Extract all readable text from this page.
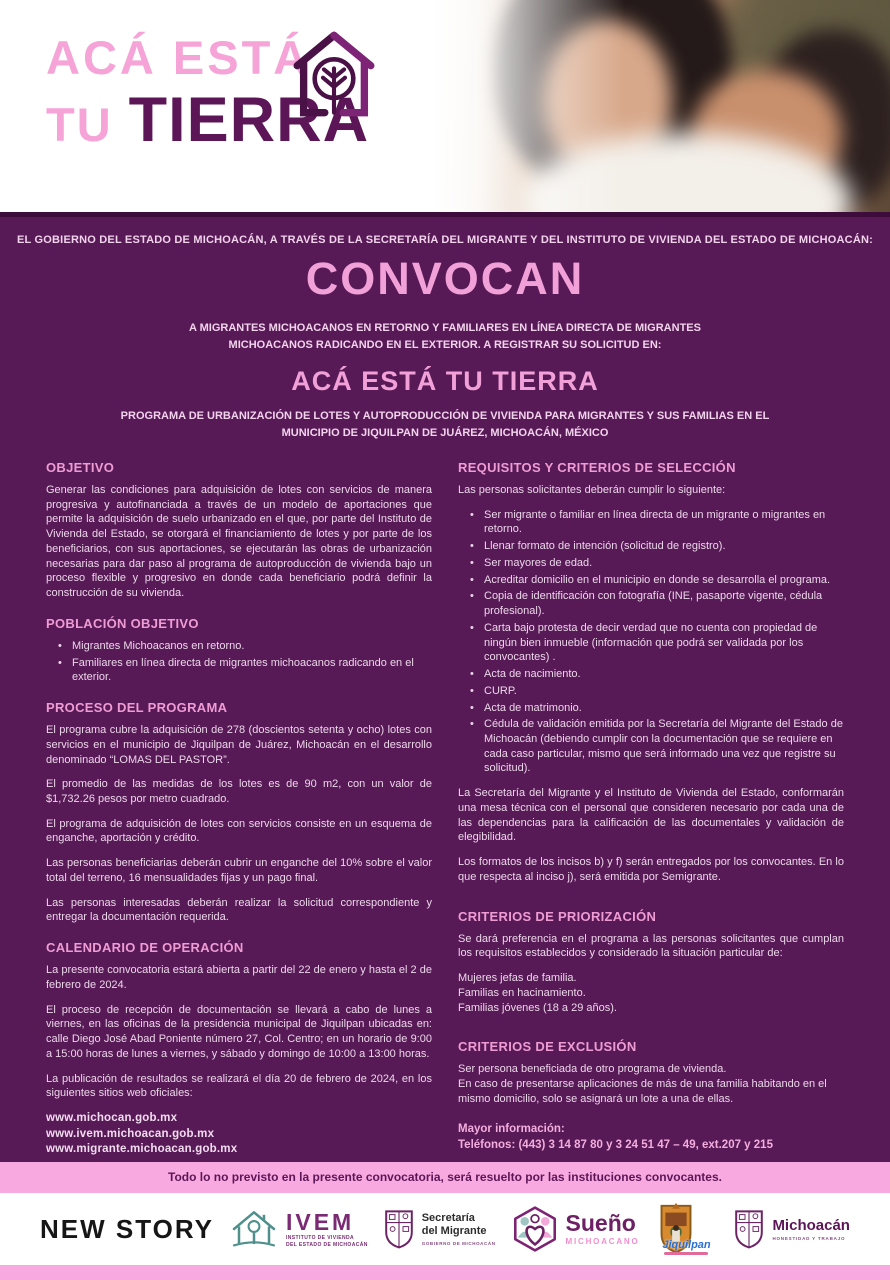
ACÁ ESTÁ
TU TIERRA
EL GOBIERNO DEL ESTADO DE MICHOACÁN, A TRAVÉS DE LA SECRETARÍA DEL MIGRANTE Y DEL INSTITUTO DE VIVIENDA DEL ESTADO DE MICHOACÁN:
CONVOCAN
A MIGRANTES MICHOACANOS EN RETORNO Y FAMILIARES EN LÍNEA DIRECTA DE MIGRANTES
MICHOACANOS RADICANDO EN EL EXTERIOR. A REGISTRAR SU SOLICITUD EN:
ACÁ ESTÁ TU TIERRA
PROGRAMA DE URBANIZACIÓN DE LOTES Y AUTOPRODUCCIÓN DE VIVIENDA PARA MIGRANTES Y SUS FAMILIAS EN EL
MUNICIPIO DE JIQUILPAN DE JUÁREZ, MICHOACÁN, MÉXICO
OBJETIVO

Generar las condiciones para adquisición de lotes con servicios de manera progresiva y autofinanciada a través de un modelo de aportaciones que permite la adquisición de suelo urbanizado en el que, por parte del Instituto de Vivienda del Estado, se otorgará el financiamiento de lotes y por parte de los beneficiarios, con sus aportaciones, se ejecutarán las obras de urbanización necesarias para dar paso al programa de autoproducción de vivienda bajo un proceso flexible y progresivo en donde cada beneficiario podrá definir la construcción de su vivienda.

POBLACIÓN OBJETIVO
• Migrantes Michoacanos en retorno.
• Familiares en línea directa de migrantes michoacanos radicando en el exterior.
PROCESO DEL PROGRAMA

El programa cubre la adquisición de 278 (doscientos setenta y ocho) lotes con servicios en el municipio de Jiquilpan de Juárez, Michoacán en el desarrollo denominado “LOMAS DEL PASTOR”.

El promedio de las medidas de los lotes es de 90 m2, con un valor de $1,732.26 pesos por metro cuadrado.

El programa de adquisición de lotes con servicios consiste en un esquema de enganche, aportación y crédito.

Las personas beneficiarias deberán cubrir un enganche del 10% sobre el valor total del terreno, 16 mensualidades fijas y un pago final.

Las personas interesadas deberán realizar la solicitud correspondiente y entregar la documentación requerida.

CALENDARIO DE OPERACIÓN

La presente convocatoria estará abierta a partir del 22 de enero y hasta el 2 de febrero de 2024.

El proceso de recepción de documentación se llevará a cabo de lunes a viernes, en las oficinas de la presidencia municipal de Jiquilpan ubicadas en: calle Diego José Abad Poniente número 27, Col. Centro; en un horario de 9:00 a 15:00 horas de lunes a viernes, y sábado y domingo de 10:00 a 13:00 horas.

La publicación de resultados se realizará el día 20 de febrero de 2024, en los siguientes sitios web oficiales:

www.michocan.gob.mx
www.ivem.michoacan.gob.mx
www.migrante.michoacan.gob.mx

REQUISITOS Y CRITERIOS DE SELECCIÓN

Las personas solicitantes deberán cumplir lo siguiente:

• Ser migrante o familiar en línea directa de un migrante o migrantes en retorno.
• Llenar formato de intención (solicitud de registro).
• Ser mayores de edad.
• Acreditar domicilio en el municipio en donde se desarrolla el programa.
• Copia de identificación con fotografía (INE, pasaporte vigente, cédula profesional).
• Carta bajo protesta de decir verdad que no cuenta con propiedad de ningún bien inmueble (información que podrá ser validada por los convocantes) .
• Acta de nacimiento.
• CURP.
• Acta de matrimonio.
• Cédula de validación emitida por la Secretaría del Migrante del Estado de Michoacán (debiendo cumplir con la documentación que se requiere en cada caso particular, mismo que será informado una vez que registre su solicitud).

La Secretaría del Migrante y el Instituto de Vivienda del Estado, conformarán una mesa técnica con el personal que consideren necesario por cada una de las dependencias para la calificación de las documentales y validación de elegibilidad.

Los formatos de los incisos b) y f) serán entregados por los convocantes. En lo que respecta al inciso j), será emitida por Semigrante.

CRITERIOS DE PRIORIZACIÓN

Se dará preferencia en el programa a las personas solicitantes que cumplan los requisitos establecidos y considerado la situación particular de:

Mujeres jefas de familia.
Familias en hacinamiento.
Familias jóvenes (18 a 29 años).
CRITERIOS DE EXCLUSIÓN
Ser persona beneficiada de otro programa de vivienda.
En caso de presentarse aplicaciones de más de una familia habitando en el mismo domicilio, solo se asignará un lote a una de ellas.
Mayor información:
Teléfonos: (443) 3 14 87 80 y 3 24 51 47 – 49, ext.207 y 215
Todo lo no previsto en la presente convocatoria, será resuelto por las instituciones convocantes.
NEW STORY	IVEM
INSTITUTO DE VIVIENDA
DEL ESTADO DE MICHOACÁN
Secretaría
del Migrante
GOBIERNO DE MICHOACÁN
Sueño
MICHOACANO	Jiquilpan
Michoacán
HONESTIDAD Y TRABAJO
